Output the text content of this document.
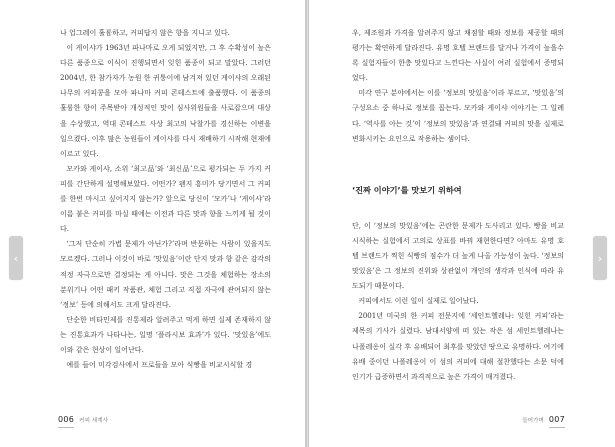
나 업그레이 훌륭하고, 커피답지 않은 향을 지니고 있다.

이 게이샤가 1963년 파나마로 오게 되었지만, 그 후 수확성이 높은 다른 품종으로 이식이 진행되면서 잊힌 품종이 되고 말았다. 그러던 2004년, 한 참가자가 농원 한 귀퉁이에 남겨져 있던 게이샤의 오래된 나무의 커피콩을 모아 파나마 커피 콘테스트에 출품했다. 이 품종의 훌륭한 향이 주목받아 개성적인 맛이 심사위원들을 사로잡으며 대상을 수상했고, 역대 콘테스트 사상 최고의 낙찰가를 경신하는 이변을 일으켰다. 이후 많은 농원들이 게이샤를 다시 재배하기 시작해 현재에 이르고 있다.

모카와 게이샤, 소위 ‘최고品’와 ‘최신品’으로 평가되는 두 가지 커피를 간단하게 설명해보았다. 어떤가? 왠지 흥미가 당기면서 그 커피를 한번 마시고 싶어지지 않는가? 앞으로 당신이 ‘모카’나 ‘게이샤’라 이름 붙은 커피를 마실 때에는 이전과 다른 맛과 향을 느끼게 될 것이다.

‘그저 단순히 가볍 문제가 아닌가?’라며 반문하는 사람이 있을지도 모르겠다. 그러나 이것이 바로 ‘맛있음’이란 단지 맛과 향 같은 감각의 적정 자극으로만 결정되는 게 아니다. 맛은 그것을 체험하는 장소의 분위기나 어떤 패키 작품관, 체험 그리고 직접 자극에 관여되지 않는 ‘정보’ 등에 의해서도 크게 달라진다.

단순한 비타민제를 진통제라 알려주고 먹게 하면 실제 존재하지 않는 진통효과가 나타나는, 일명 ‘플라시보 효과’가 있다. ‘맛있음’에도 이와 같은 현상이 일어난다.

예를 들어 미각검사에서 프로들을 모아 식빵을 비교시식할 경

006 커피 세계사

우, 제조원과 가격을 알려주지 않고 채점할 때와 정보를 제공할 때의 평가는 확연하게 달라진다. 유명 호텔 브랜드를 달거나 가격이 높을수록 실험자들이 한층 맛있다고 느낀다는 사실이 여러 실험에서 증명되었다.

미각 연구 분야에서는 이를 ‘정보의 맛있음’이라 부르고, ‘맛있음’의 구성요소 중 하나로 정보를 꼽는다. 모카와 게이샤 이야기는 그 일례다. ‘역사를 아는 것’이 ‘정보의 맛있음’과 연결돼 커피의 맛을 실제로 변화시키는 요인으로 작용하는 셈이다.

‘진짜 이야기’를 맛보기 위하여

단, 이 ‘정보의 맛있음’에는 곤란한 문제가 도사리고 있다. 빵을 비교시식하는 실험에서 고의로 상표를 바꿔 재현한다면? 아마도 유명 호텔 브랜드가 찍힌 식빵의 점수가 더 높게 나올 가능성이 높다. ‘정보의 맛있음’은 그 정보의 진위와 상관없이 개인의 생각과 인식에 따라 유도되기 때문이다.

커피에서도 이런 일이 실제로 일어났다.

2001년 미국의 한 커피 전문지에 ‘세인트헬레나: 잊힌 커피’라는 제목의 기사가 실렸다. 남대서양에 떠 있는 작은 섬 세인트헬레나는 나폴레옹이 실각 후 유배되어 최후를 맞았던 땅으로 유명하다. 여기에 유배 중이던 나폴레옹이 이 섬의 커피에 대해 절찬했다는 소문 덕에 인기가 급증하면서 과격적으로 높은 가격이 매겨졌다.

들어가며 007
‹	›
